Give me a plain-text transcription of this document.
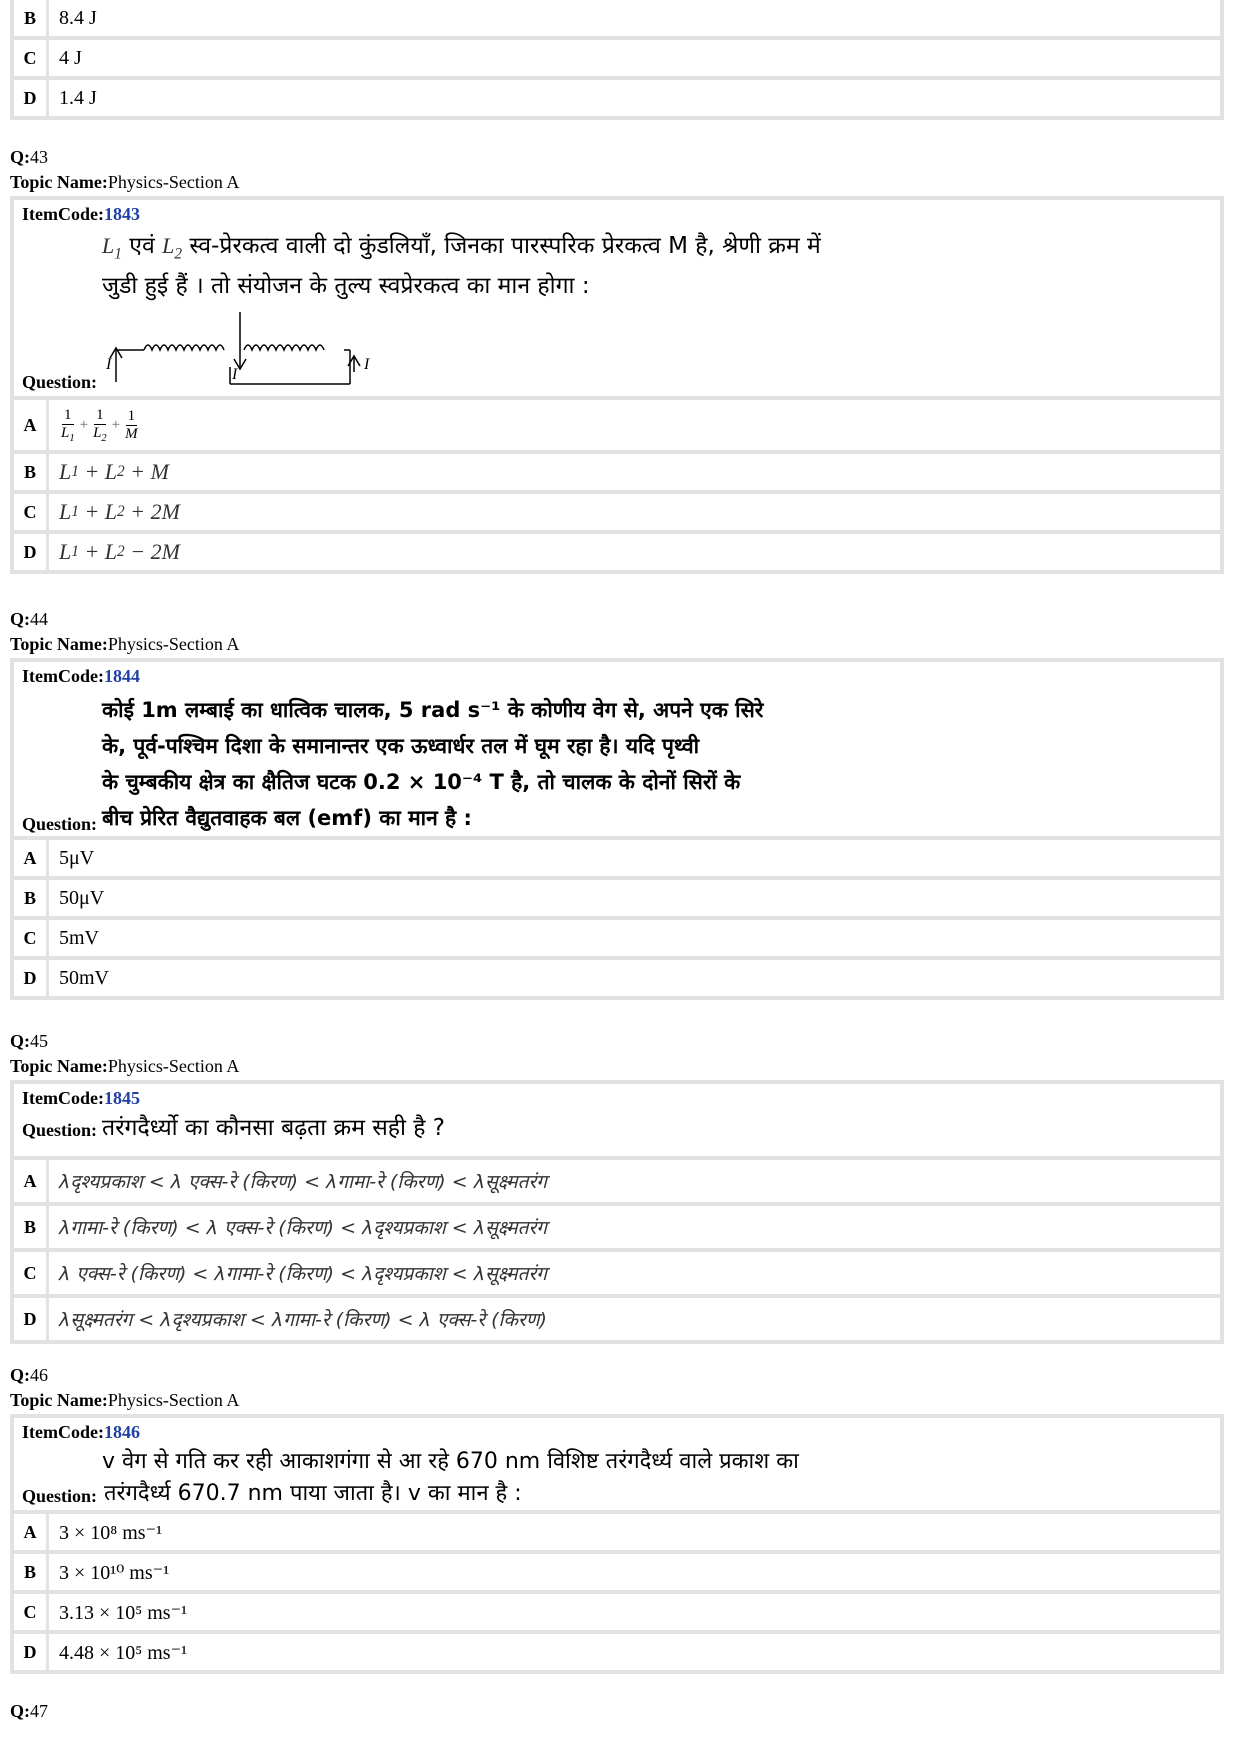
B	8.4 J
C	4 J
D	1.4 J
Q:43
Topic Name:Physics-Section A
ItemCode:1843
$L_1$ एवं $L_2$ स्व-प्रेरकत्व वाली दो कुंडलियाँ, जिनका पारस्परिक प्रेरकत्व M है, श्रेणी क्रम में
जुडी हुई हैं । तो संयोजन के तुल्य स्वप्रेरकत्व का मान होगा :
I
I
I
Question:
A	$\frac{1}{L_1} + \frac{1}{L_2} + \frac{1}{M}$
B	L 1 + L 2 + M
C	L 1 + L 2 + 2M
D	L 1 + L 2 − 2M
Q:44
Topic Name:Physics-Section A
ItemCode:1844
कोई 1m लम्बाई का धात्विक चालक, 5 rad s⁻¹ के कोणीय वेग से, अपने एक सिरे
के, पूर्व-पश्चिम दिशा के समानान्तर एक ऊध्वार्धर तल में घूम रहा है। यदि पृथ्वी
के चुम्बकीय क्षेत्र का क्षैतिज घटक 0.2 × 10⁻⁴ T है, तो चालक के दोनों सिरों के
बीच प्रेरित वैद्युतवाहक बल (emf) का मान है :
Question:
A	5μV
B	50μV
C	5mV
D	50mV
Q:45
Topic Name:Physics-Section A
ItemCode:1845
Question: तरंगदैर्ध्यो का कौनसा बढ़ता क्रम सही है ?
A	λदृश्यप्रकाश < λ एक्स-रे (किरण) < λगामा-रे (किरण) < λसूक्ष्मतरंग
B	λगामा-रे (किरण) < λ एक्स-रे (किरण) < λदृश्यप्रकाश < λसूक्ष्मतरंग
C	λ एक्स-रे (किरण) < λगामा-रे (किरण) < λदृश्यप्रकाश < λसूक्ष्मतरंग
D	λसूक्ष्मतरंग < λदृश्यप्रकाश < λगामा-रे (किरण) < λ एक्स-रे (किरण)
Q:46
Topic Name:Physics-Section A
ItemCode:1846
v वेग से गति कर रही आकाशगंगा से आ रहे 670 nm विशिष्ट तरंगदैर्ध्य वाले प्रकाश का
Question: तरंगदैर्ध्य 670.7 nm पाया जाता है। v का मान है :
A	3 × 10⁸ ms⁻¹
B	3 × 10¹⁰ ms⁻¹
C	3.13 × 10⁵ ms⁻¹
D	4.48 × 10⁵ ms⁻¹
Q:47
